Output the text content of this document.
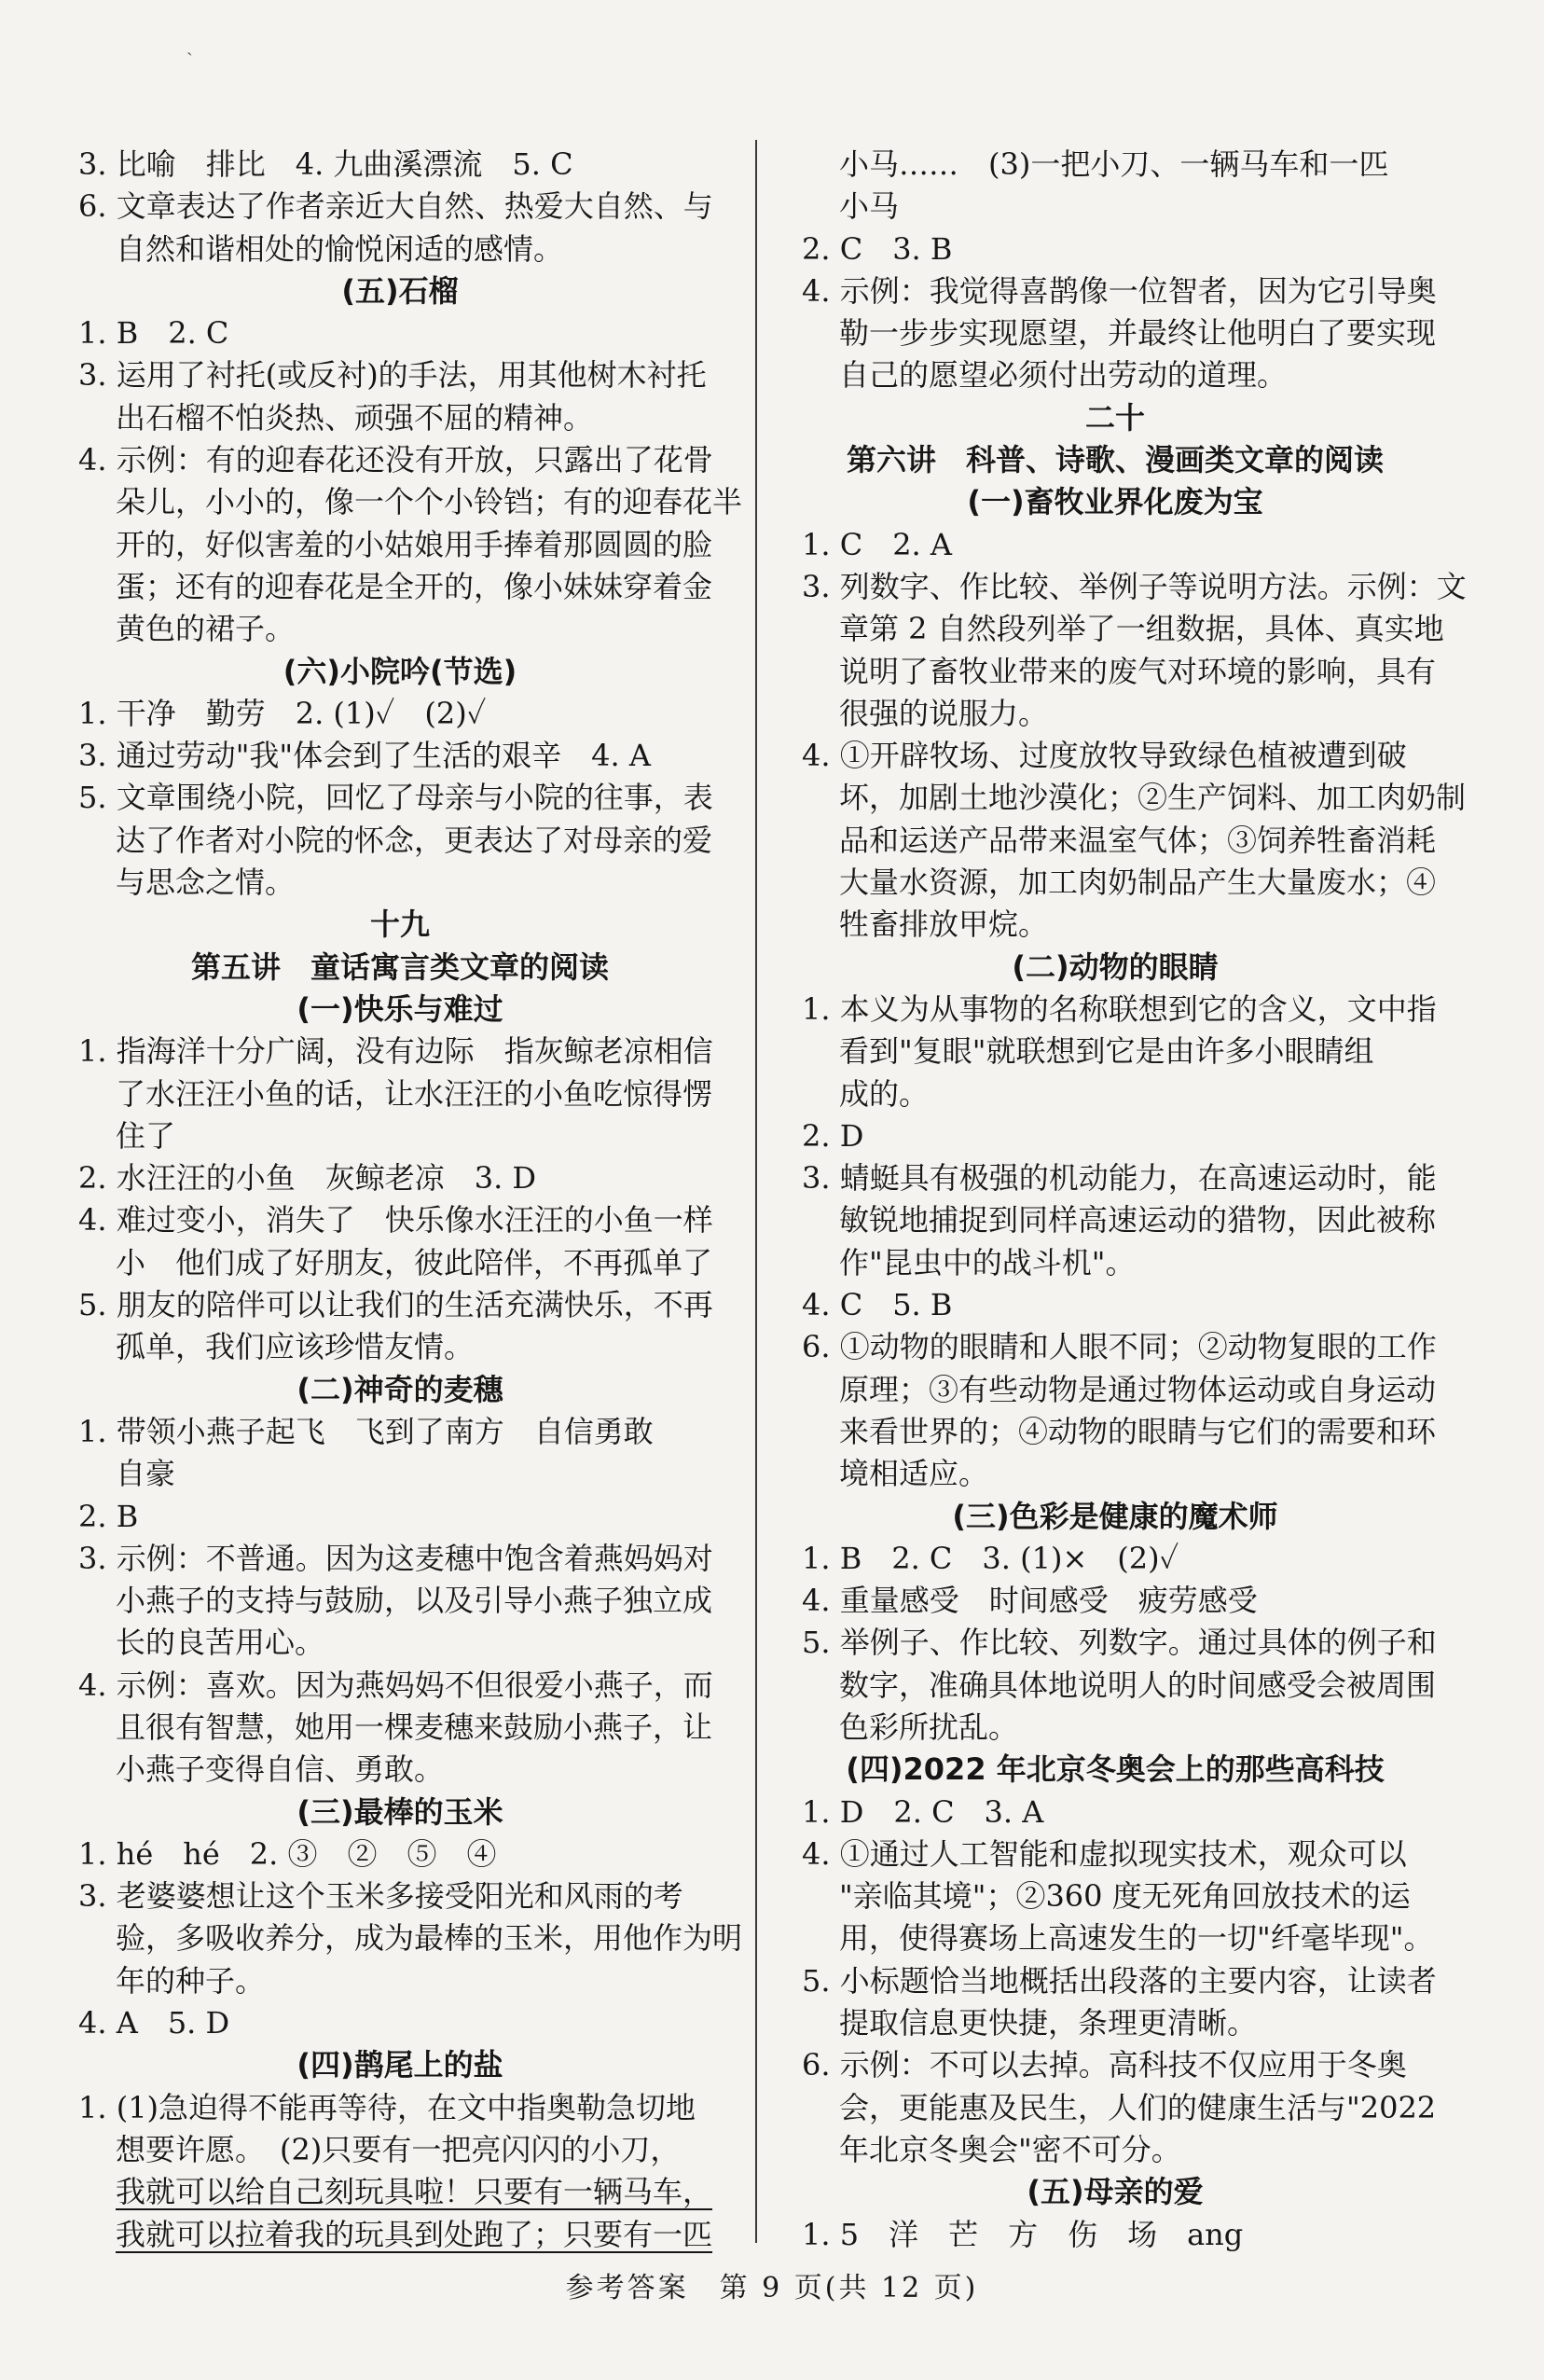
ˎ
3. 比喻　排比　4. 九曲溪漂流　5. C
6. 文章表达了作者亲近大自然、热爱大自然、与
自然和谐相处的愉悦闲适的感情。
(五)石榴
1. B　2. C
3. 运用了衬托(或反衬)的手法，用其他树木衬托
出石榴不怕炎热、顽强不屈的精神。
4. 示例：有的迎春花还没有开放，只露出了花骨
朵儿，小小的，像一个个小铃铛；有的迎春花半
开的，好似害羞的小姑娘用手捧着那圆圆的脸
蛋；还有的迎春花是全开的，像小妹妹穿着金
黄色的裙子。
(六)小院吟(节选)
1. 干净　勤劳　2. (1)✓　(2)✓
3. 通过劳动"我"体会到了生活的艰辛　4. A
5. 文章围绕小院，回忆了母亲与小院的往事，表
达了作者对小院的怀念，更表达了对母亲的爱
与思念之情。
十九
第五讲　童话寓言类文章的阅读
(一)快乐与难过
1. 指海洋十分广阔，没有边际　指灰鲸老凉相信
了水汪汪小鱼的话，让水汪汪的小鱼吃惊得愣
住了
2. 水汪汪的小鱼　灰鲸老凉　3. D
4. 难过变小，消失了　快乐像水汪汪的小鱼一样
小　他们成了好朋友，彼此陪伴，不再孤单了
5. 朋友的陪伴可以让我们的生活充满快乐，不再
孤单，我们应该珍惜友情。
(二)神奇的麦穗
1. 带领小燕子起飞　飞到了南方　自信勇敢
自豪
2. B
3. 示例：不普通。因为这麦穗中饱含着燕妈妈对
小燕子的支持与鼓励，以及引导小燕子独立成
长的良苦用心。
4. 示例：喜欢。因为燕妈妈不但很爱小燕子，而
且很有智慧，她用一棵麦穗来鼓励小燕子，让
小燕子变得自信、勇敢。
(三)最棒的玉米
1. hé　hé　2. ③　②　⑤　④
3. 老婆婆想让这个玉米多接受阳光和风雨的考
验，多吸收养分，成为最棒的玉米，用他作为明
年的种子。
4. A　5. D
(四)鹊尾上的盐
1. (1)急迫得不能再等待，在文中指奥勒急切地
想要许愿。　(2)只要有一把亮闪闪的小刀，
我就可以给自己刻玩具啦！只要有一辆马车，
我就可以拉着我的玩具到处跑了；只要有一匹
小马……　(3)一把小刀、一辆马车和一匹
小马
2. C　3. B
4. 示例：我觉得喜鹊像一位智者，因为它引导奥
勒一步步实现愿望，并最终让他明白了要实现
自己的愿望必须付出劳动的道理。
二十
第六讲　科普、诗歌、漫画类文章的阅读
(一)畜牧业界化废为宝
1. C　2. A
3. 列数字、作比较、举例子等说明方法。示例：文
章第 2 自然段列举了一组数据，具体、真实地
说明了畜牧业带来的废气对环境的影响，具有
很强的说服力。
4. ①开辟牧场、过度放牧导致绿色植被遭到破
坏，加剧土地沙漠化；②生产饲料、加工肉奶制
品和运送产品带来温室气体；③饲养牲畜消耗
大量水资源，加工肉奶制品产生大量废水；④
牲畜排放甲烷。
(二)动物的眼睛
1. 本义为从事物的名称联想到它的含义，文中指
看到"复眼"就联想到它是由许多小眼睛组
成的。
2. D
3. 蜻蜓具有极强的机动能力，在高速运动时，能
敏锐地捕捉到同样高速运动的猎物，因此被称
作"昆虫中的战斗机"。
4. C　5. B
6. ①动物的眼睛和人眼不同；②动物复眼的工作
原理；③有些动物是通过物体运动或自身运动
来看世界的；④动物的眼睛与它们的需要和环
境相适应。
(三)色彩是健康的魔术师
1. B　2. C　3. (1)×　(2)✓
4. 重量感受　时间感受　疲劳感受
5. 举例子、作比较、列数字。通过具体的例子和
数字，准确具体地说明人的时间感受会被周围
色彩所扰乱。
(四)2022 年北京冬奥会上的那些高科技
1. D　2. C　3. A
4. ①通过人工智能和虚拟现实技术，观众可以
"亲临其境"；②360 度无死角回放技术的运
用，使得赛场上高速发生的一切"纤毫毕现"。
5. 小标题恰当地概括出段落的主要内容，让读者
提取信息更快捷，条理更清晰。
6. 示例：不可以去掉。高科技不仅应用于冬奥
会，更能惠及民生，人们的健康生活与"2022
年北京冬奥会"密不可分。
(五)母亲的爱
1. 5　洋　芒　方　伤　场　ang
参考答案　第 9 页(共 12 页)
